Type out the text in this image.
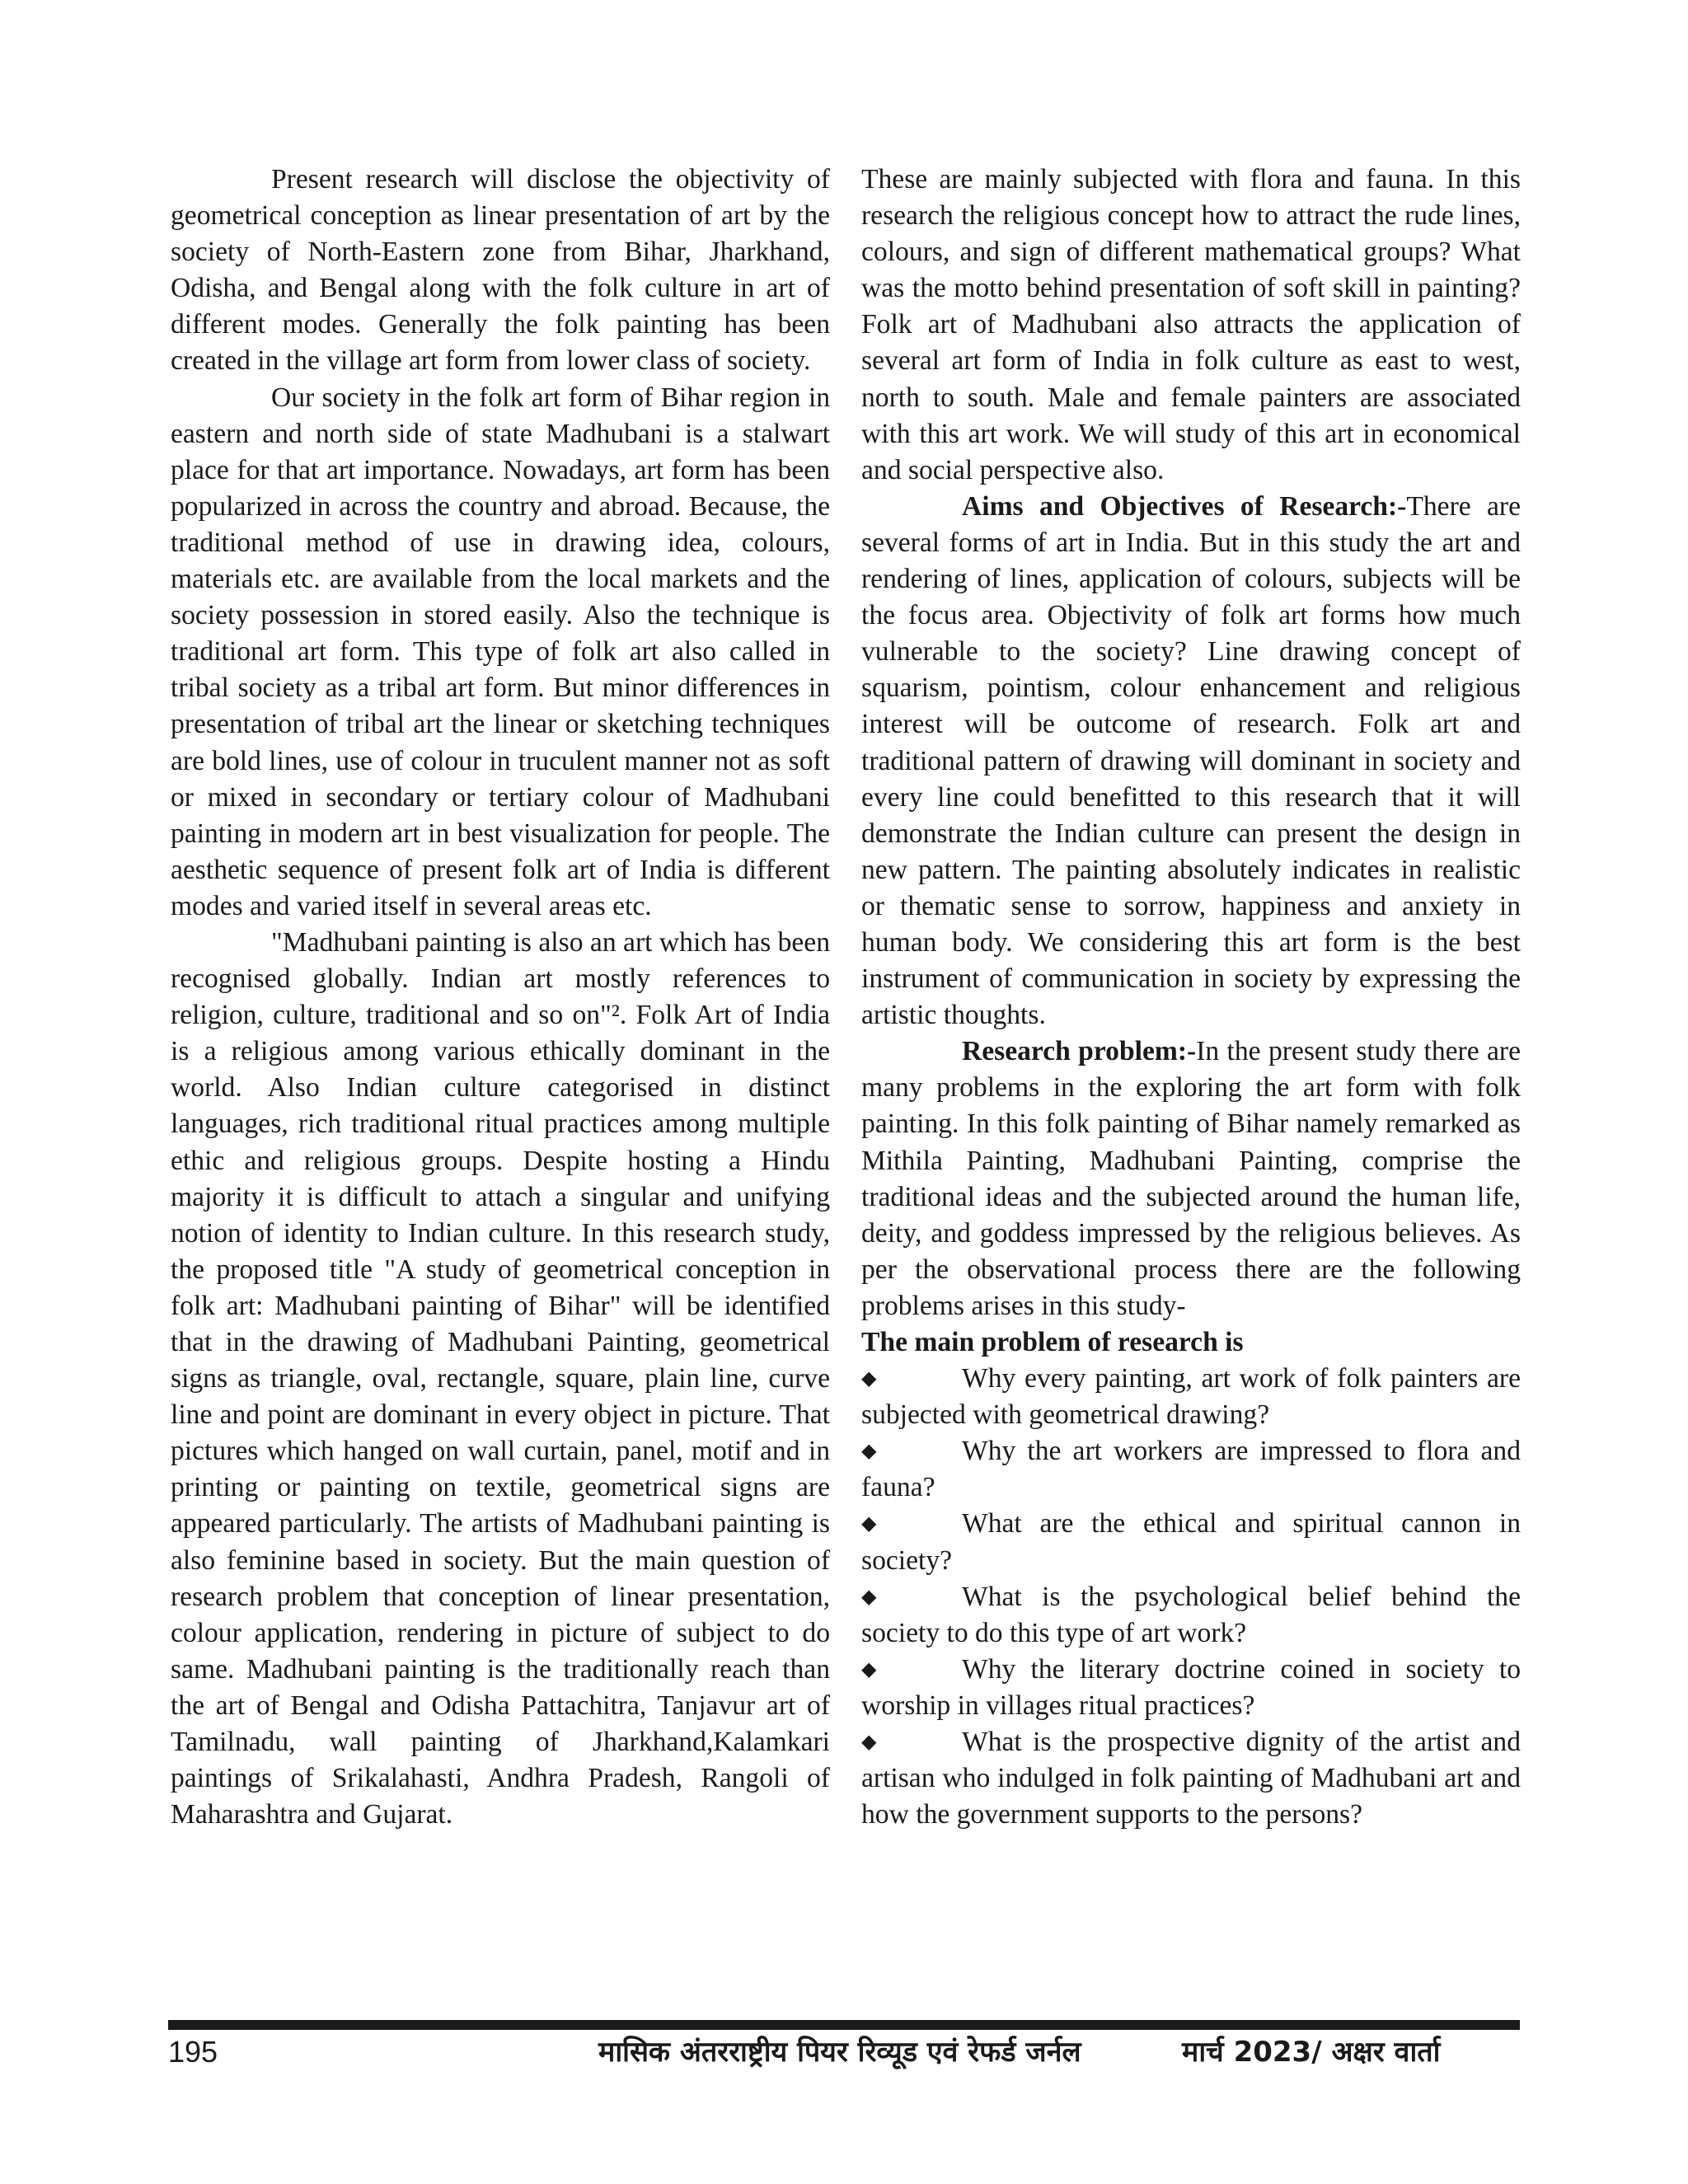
Present research will disclose the objectivity of geometrical conception as linear presentation of art by the society of North-Eastern zone from Bihar, Jharkhand, Odisha, and Bengal along with the folk culture in art of different modes. Generally the folk painting has been created in the village art form from lower class of society.

Our society in the folk art form of Bihar region in eastern and north side of state Madhubani is a stalwart place for that art importance. Nowadays, art form has been popularized in across the country and abroad. Because, the traditional method of use in drawing idea, colours, materials etc. are available from the local markets and the society possession in stored easily. Also the technique is traditional art form. This type of folk art also called in tribal society as a tribal art form. But minor differences in presentation of tribal art the linear or sketching techniques are bold lines, use of colour in truculent manner not as soft or mixed in secondary or tertiary colour of Madhubani painting in modern art in best visualization for people. The aesthetic sequence of present folk art of India is different modes and varied itself in several areas etc.

"Madhubani painting is also an art which has been recognised globally. Indian art mostly references to religion, culture, traditional and so on"². Folk Art of India is a religious among various ethically dominant in the world. Also Indian culture categorised in distinct languages, rich traditional ritual practices among multiple ethic and religious groups. Despite hosting a Hindu majority it is difficult to attach a singular and unifying notion of identity to Indian culture. In this research study, the proposed title "A study of geometrical conception in folk art: Madhubani painting of Bihar" will be identified that in the drawing of Madhubani Painting, geometrical signs as triangle, oval, rectangle, square, plain line, curve line and point are dominant in every object in picture. That pictures which hanged on wall curtain, panel, motif and in printing or painting on textile, geometrical signs are appeared particularly. The artists of Madhubani painting is also feminine based in society. But the main question of research problem that conception of linear presentation, colour application, rendering in picture of subject to do same. Madhubani painting is the traditionally reach than the art of Bengal and Odisha Pattachitra, Tanjavur art of Tamilnadu, wall painting of Jharkhand,Kalamkari paintings of Srikalahasti, Andhra Pradesh, Rangoli of Maharashtra and Gujarat.

These are mainly subjected with flora and fauna. In this research the religious concept how to attract the rude lines, colours, and sign of different mathematical groups? What was the motto behind presentation of soft skill in painting? Folk art of Madhubani also attracts the application of several art form of India in folk culture as east to west, north to south. Male and female painters are associated with this art work. We will study of this art in economical and social perspective also.

Aims and Objectives of Research:-There are several forms of art in India. But in this study the art and rendering of lines, application of colours, subjects will be the focus area. Objectivity of folk art forms how much vulnerable to the society? Line drawing concept of squarism, pointism, colour enhancement and religious interest will be outcome of research. Folk art and traditional pattern of drawing will dominant in society and every line could benefitted to this research that it will demonstrate the Indian culture can present the design in new pattern. The painting absolutely indicates in realistic or thematic sense to sorrow, happiness and anxiety in human body. We considering this art form is the best instrument of communication in society by expressing the artistic thoughts.

Research problem:-In the present study there are many problems in the exploring the art form with folk painting. In this folk painting of Bihar namely remarked as Mithila Painting, Madhubani Painting, comprise the traditional ideas and the subjected around the human life, deity, and goddess impressed by the religious believes. As per the observational process there are the following problems arises in this study-

The main problem of research is

◆	Why every painting, art work of folk painters are subjected with geometrical drawing?

◆	Why the art workers are impressed to flora and fauna?

◆	What are the ethical and spiritual cannon in society?

◆	What is the psychological belief behind the society to do this type of art work?

◆	Why the literary doctrine coined in society to worship in villages ritual practices?

◆	What is the prospective dignity of the artist and artisan who indulged in folk painting of Madhubani art and how the government supports to the persons?

195	मासिक अंतरराष्ट्रीय पियर रिव्यूड एवं रेफर्ड जर्नल	मार्च 2023/ अक्षर वार्ता
